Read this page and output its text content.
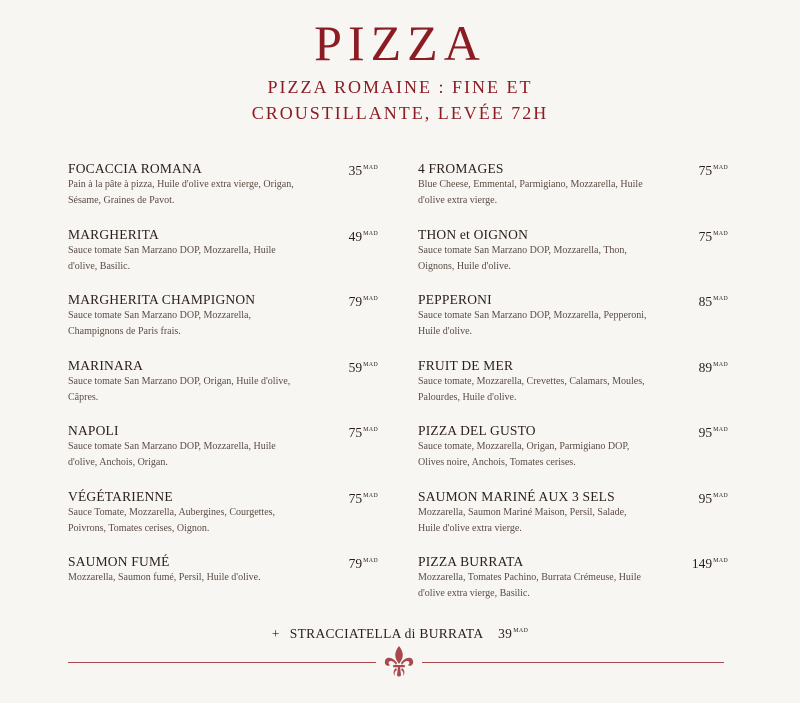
PIZZA
PIZZA ROMAINE : FINE ET
CROUSTILLANTE, LEVÉE 72H
FOCACCIA ROMANA	$35^{MAD}$
Pain à la pâte à pizza, Huile d'olive extra vierge, Origan, Sésame, Graines de Pavot.
MARGHERITA	$49^{MAD}$
Sauce tomate San Marzano DOP, Mozzarella, Huile d'olive, Basilic.
MARGHERITA CHAMPIGNON	$79^{MAD}$
Sauce tomate San Marzano DOP, Mozzarella, Champignons de Paris frais.
MARINARA	$59^{MAD}$
Sauce tomate San Marzano DOP, Origan, Huile d'olive, Câpres.
NAPOLI	$75^{MAD}$
Sauce tomate San Marzano DOP, Mozzarella, Huile d'olive, Anchois, Origan.
VÉGÉTARIENNE	$75^{MAD}$
Sauce Tomate, Mozzarella, Aubergines, Courgettes, Poivrons, Tomates cerises, Oignon.
SAUMON FUMÉ	$79^{MAD}$
Mozzarella, Saumon fumé, Persil, Huile d'olive.
4 FROMAGES	$75^{MAD}$
Blue Cheese, Emmental, Parmigiano, Mozzarella, Huile d'olive extra vierge.
THON et OIGNON	$75^{MAD}$
Sauce tomate San Marzano DOP, Mozzarella, Thon, Oignons, Huile d'olive.
PEPPERONI	$85^{MAD}$
Sauce tomate San Marzano DOP, Mozzarella, Pepperoni, Huile d'olive.
FRUIT DE MER	$89^{MAD}$
Sauce tomate, Mozzarella, Crevettes, Calamars, Moules, Palourdes, Huile d'olive.
PIZZA DEL GUSTO	$95^{MAD}$
Sauce tomate, Mozzarella, Origan, Parmigiano DOP, Olives noire, Anchois, Tomates cerises.
SAUMON MARINÉ AUX 3 SELS	$95^{MAD}$
Mozzarella, Saumon Mariné Maison, Persil, Salade, Huile d'olive extra vierge.
PIZZA BURRATA	$149^{MAD}$
Mozzarella, Tomates Pachino, Burrata Crémeuse, Huile d'olive extra vierge, Basilic.
+ STRACCIATELLA di BURRATA $39^{MAD}$
